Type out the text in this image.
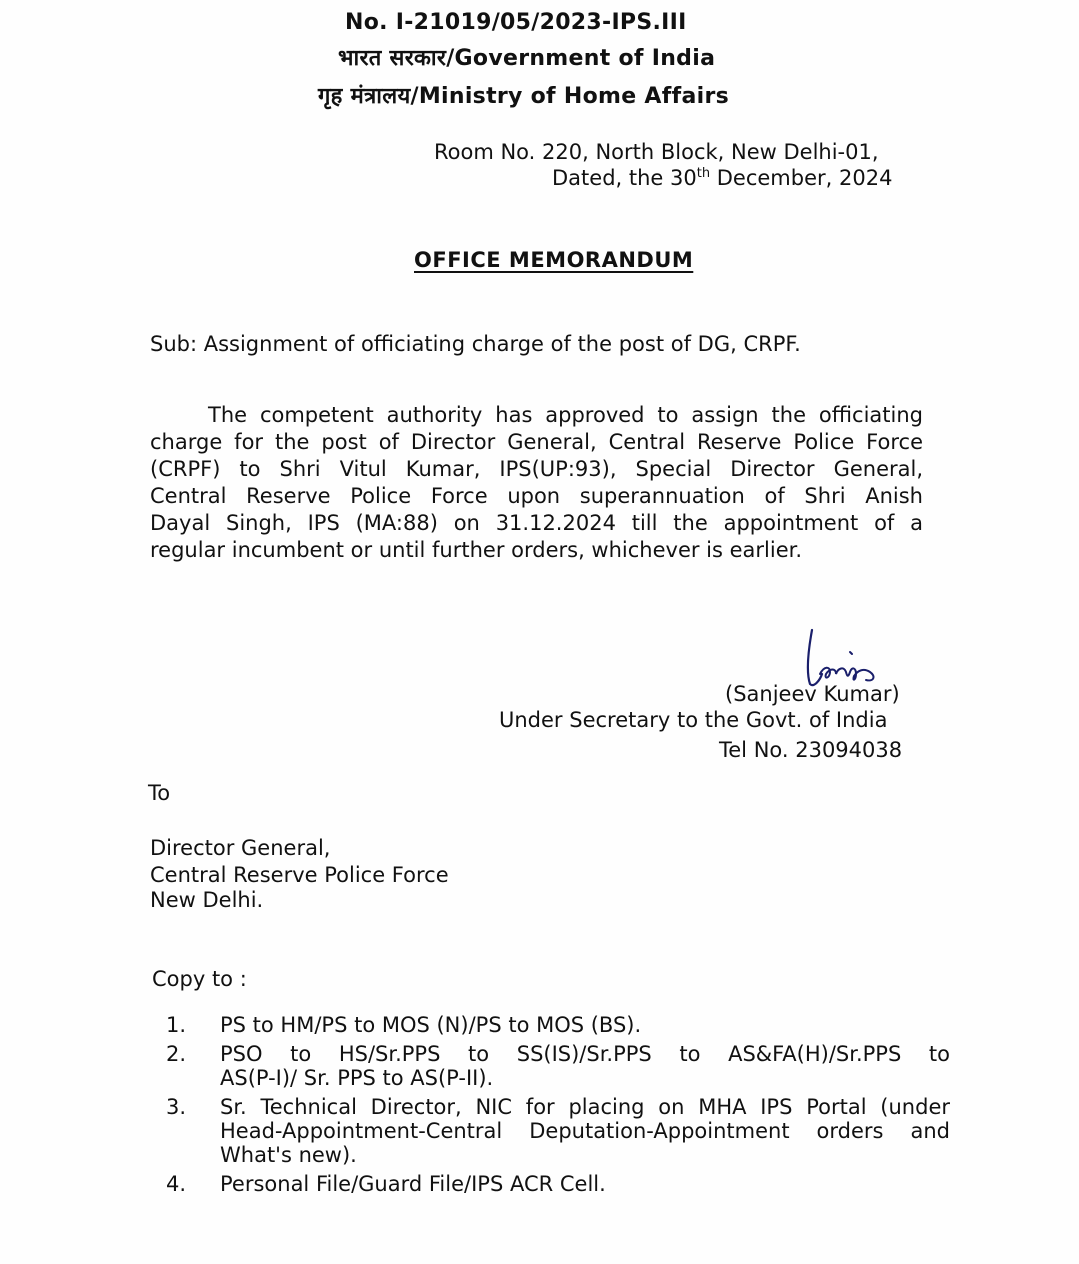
No. I-21019/05/2023-IPS.III
भारत सरकार/Government of India
गृह मंत्रालय/Ministry of Home Affairs
Room No. 220, North Block, New Delhi-01,
Dated, the 30th December, 2024
OFFICE MEMORANDUM
Sub: Assignment of officiating charge of the post of DG, CRPF.
The competent authority has approved to assign the officiating
charge for the post of Director General, Central Reserve Police Force
(CRPF) to Shri Vitul Kumar, IPS(UP:93), Special Director General,
Central Reserve Police Force upon superannuation of Shri Anish
Dayal Singh, IPS (MA:88) on 31.12.2024 till the appointment of a
regular incumbent or until further orders, whichever is earlier.
(Sanjeev Kumar)
Under Secretary to the Govt. of India
Tel No. 23094038
To
Director General,
Central Reserve Police Force
New Delhi.
Copy to :
1. PS to HM/PS to MOS (N)/PS to MOS (BS).
2. PSO to HS/Sr.PPS to SS(IS)/Sr.PPS to AS&FA(H)/Sr.PPS to
AS(P-I)/ Sr. PPS to AS(P-II).
3. Sr. Technical Director, NIC for placing on MHA IPS Portal (under
Head-Appointment-Central Deputation-Appointment orders and
What's new).
4. Personal File/Guard File/IPS ACR Cell.
